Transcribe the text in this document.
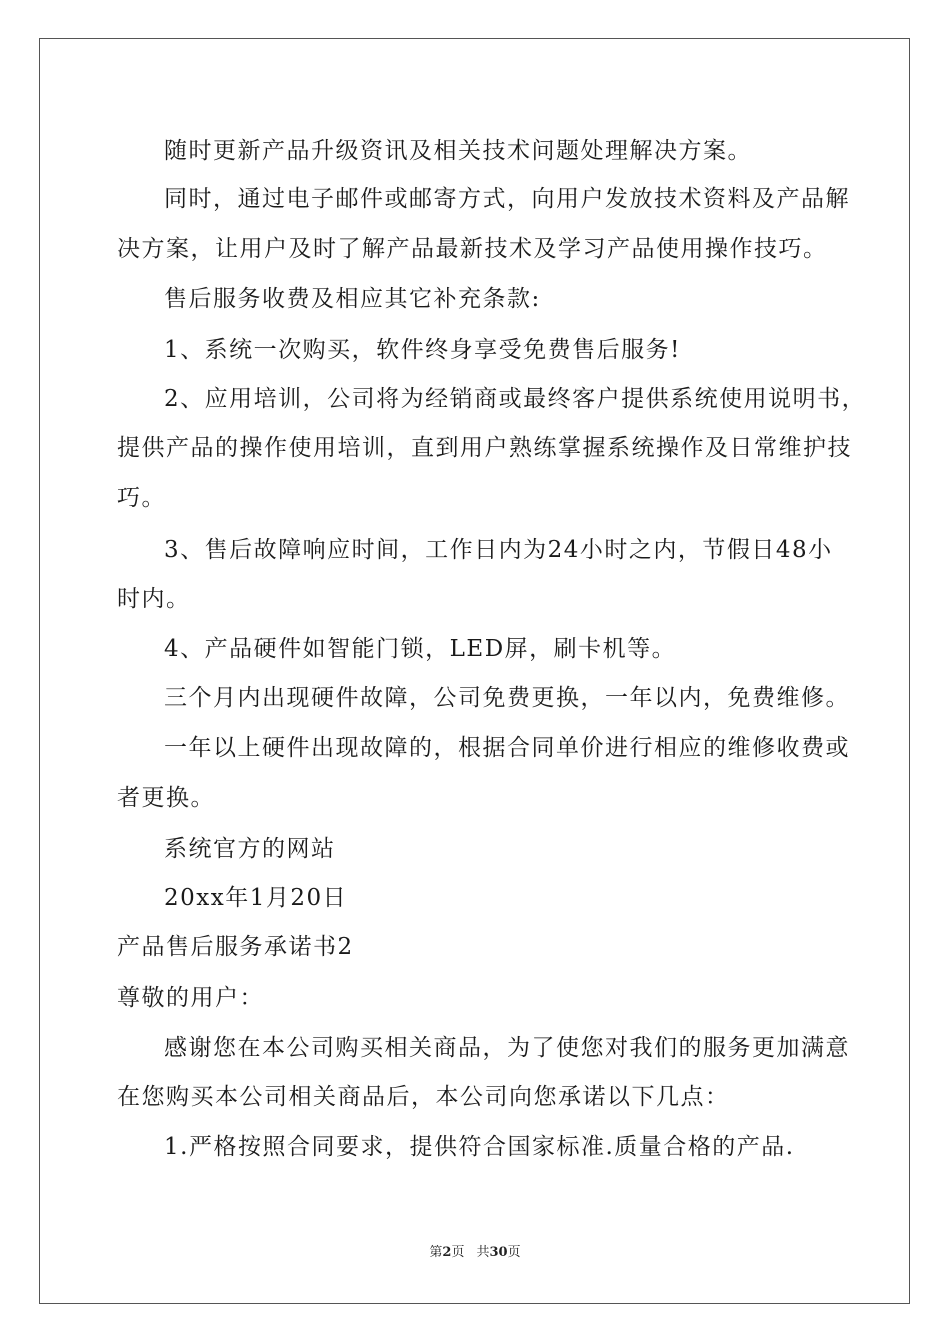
随时更新产品升级资讯及相关技术问题处理解决方案。
同时，通过电子邮件或邮寄方式，向用户发放技术资料及产品解
决方案，让用户及时了解产品最新技术及学习产品使用操作技巧。
售后服务收费及相应其它补充条款:
1、系统一次购买，软件终身享受免费售后服务!
2、应用培训，公司将为经销商或最终客户提供系统使用说明书，
提供产品的操作使用培训，直到用户熟练掌握系统操作及日常维护技
巧。
3、售后故障响应时间，工作日内为24小时之内，节假日48小
时内。
4、产品硬件如智能门锁，LED屏，刷卡机等。
三个月内出现硬件故障，公司免费更换，一年以内，免费维修。
一年以上硬件出现故障的，根据合同单价进行相应的维修收费或
者更换。
系统官方的网站
20xx年1月20日
产品售后服务承诺书2
尊敬的用户：
感谢您在本公司购买相关商品，为了使您对我们的服务更加满意
在您购买本公司相关商品后，本公司向您承诺以下几点：
1.严格按照合同要求，提供符合国家标准.质量合格的产品.
第2页 共30页
